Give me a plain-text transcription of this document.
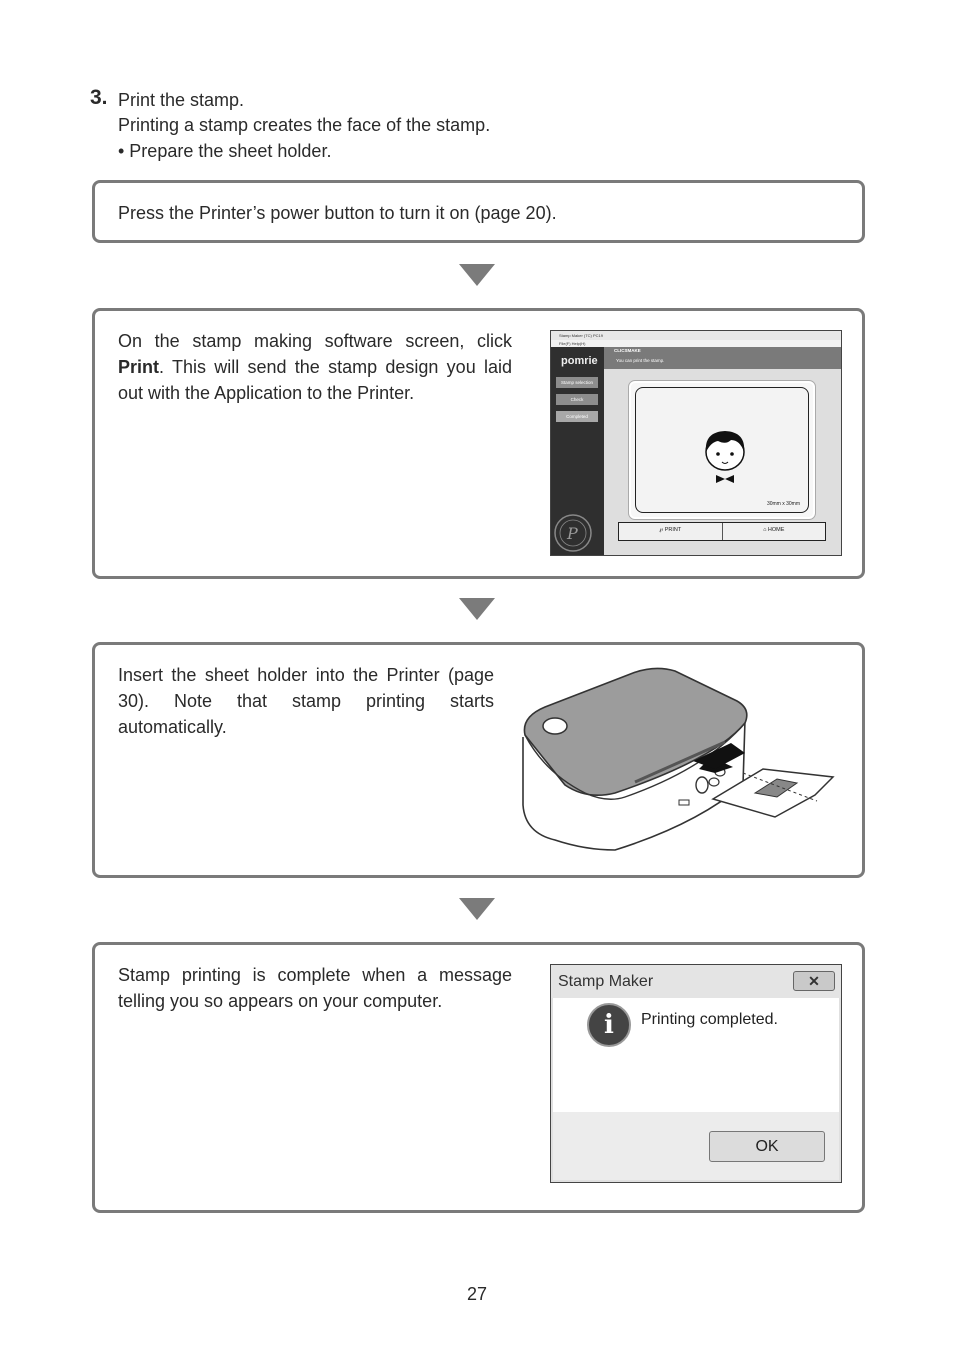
3. Print the stamp.
Printing a stamp creates the face of the stamp.
• Prepare the sheet holder.
Press the Printer’s power button to turn it on (page 20).
On the stamp making software screen, click Print. This will send the stamp design you laid out with the Application to the Printer.
Stamp Maker (TC) PC19
File(F) Help(H)
pomrie
Stamp selection
Check
Completed
P
CLICSMAKE
You can print the stamp.
30mm x 30mm
℘ PRINT	⌂ HOME
Insert the sheet holder into the Printer (page 30). Note that stamp printing starts automatically.
Stamp printing is complete when a message telling you so appears on your computer.
Stamp Maker	✕
i	Printing completed.
OK
27
